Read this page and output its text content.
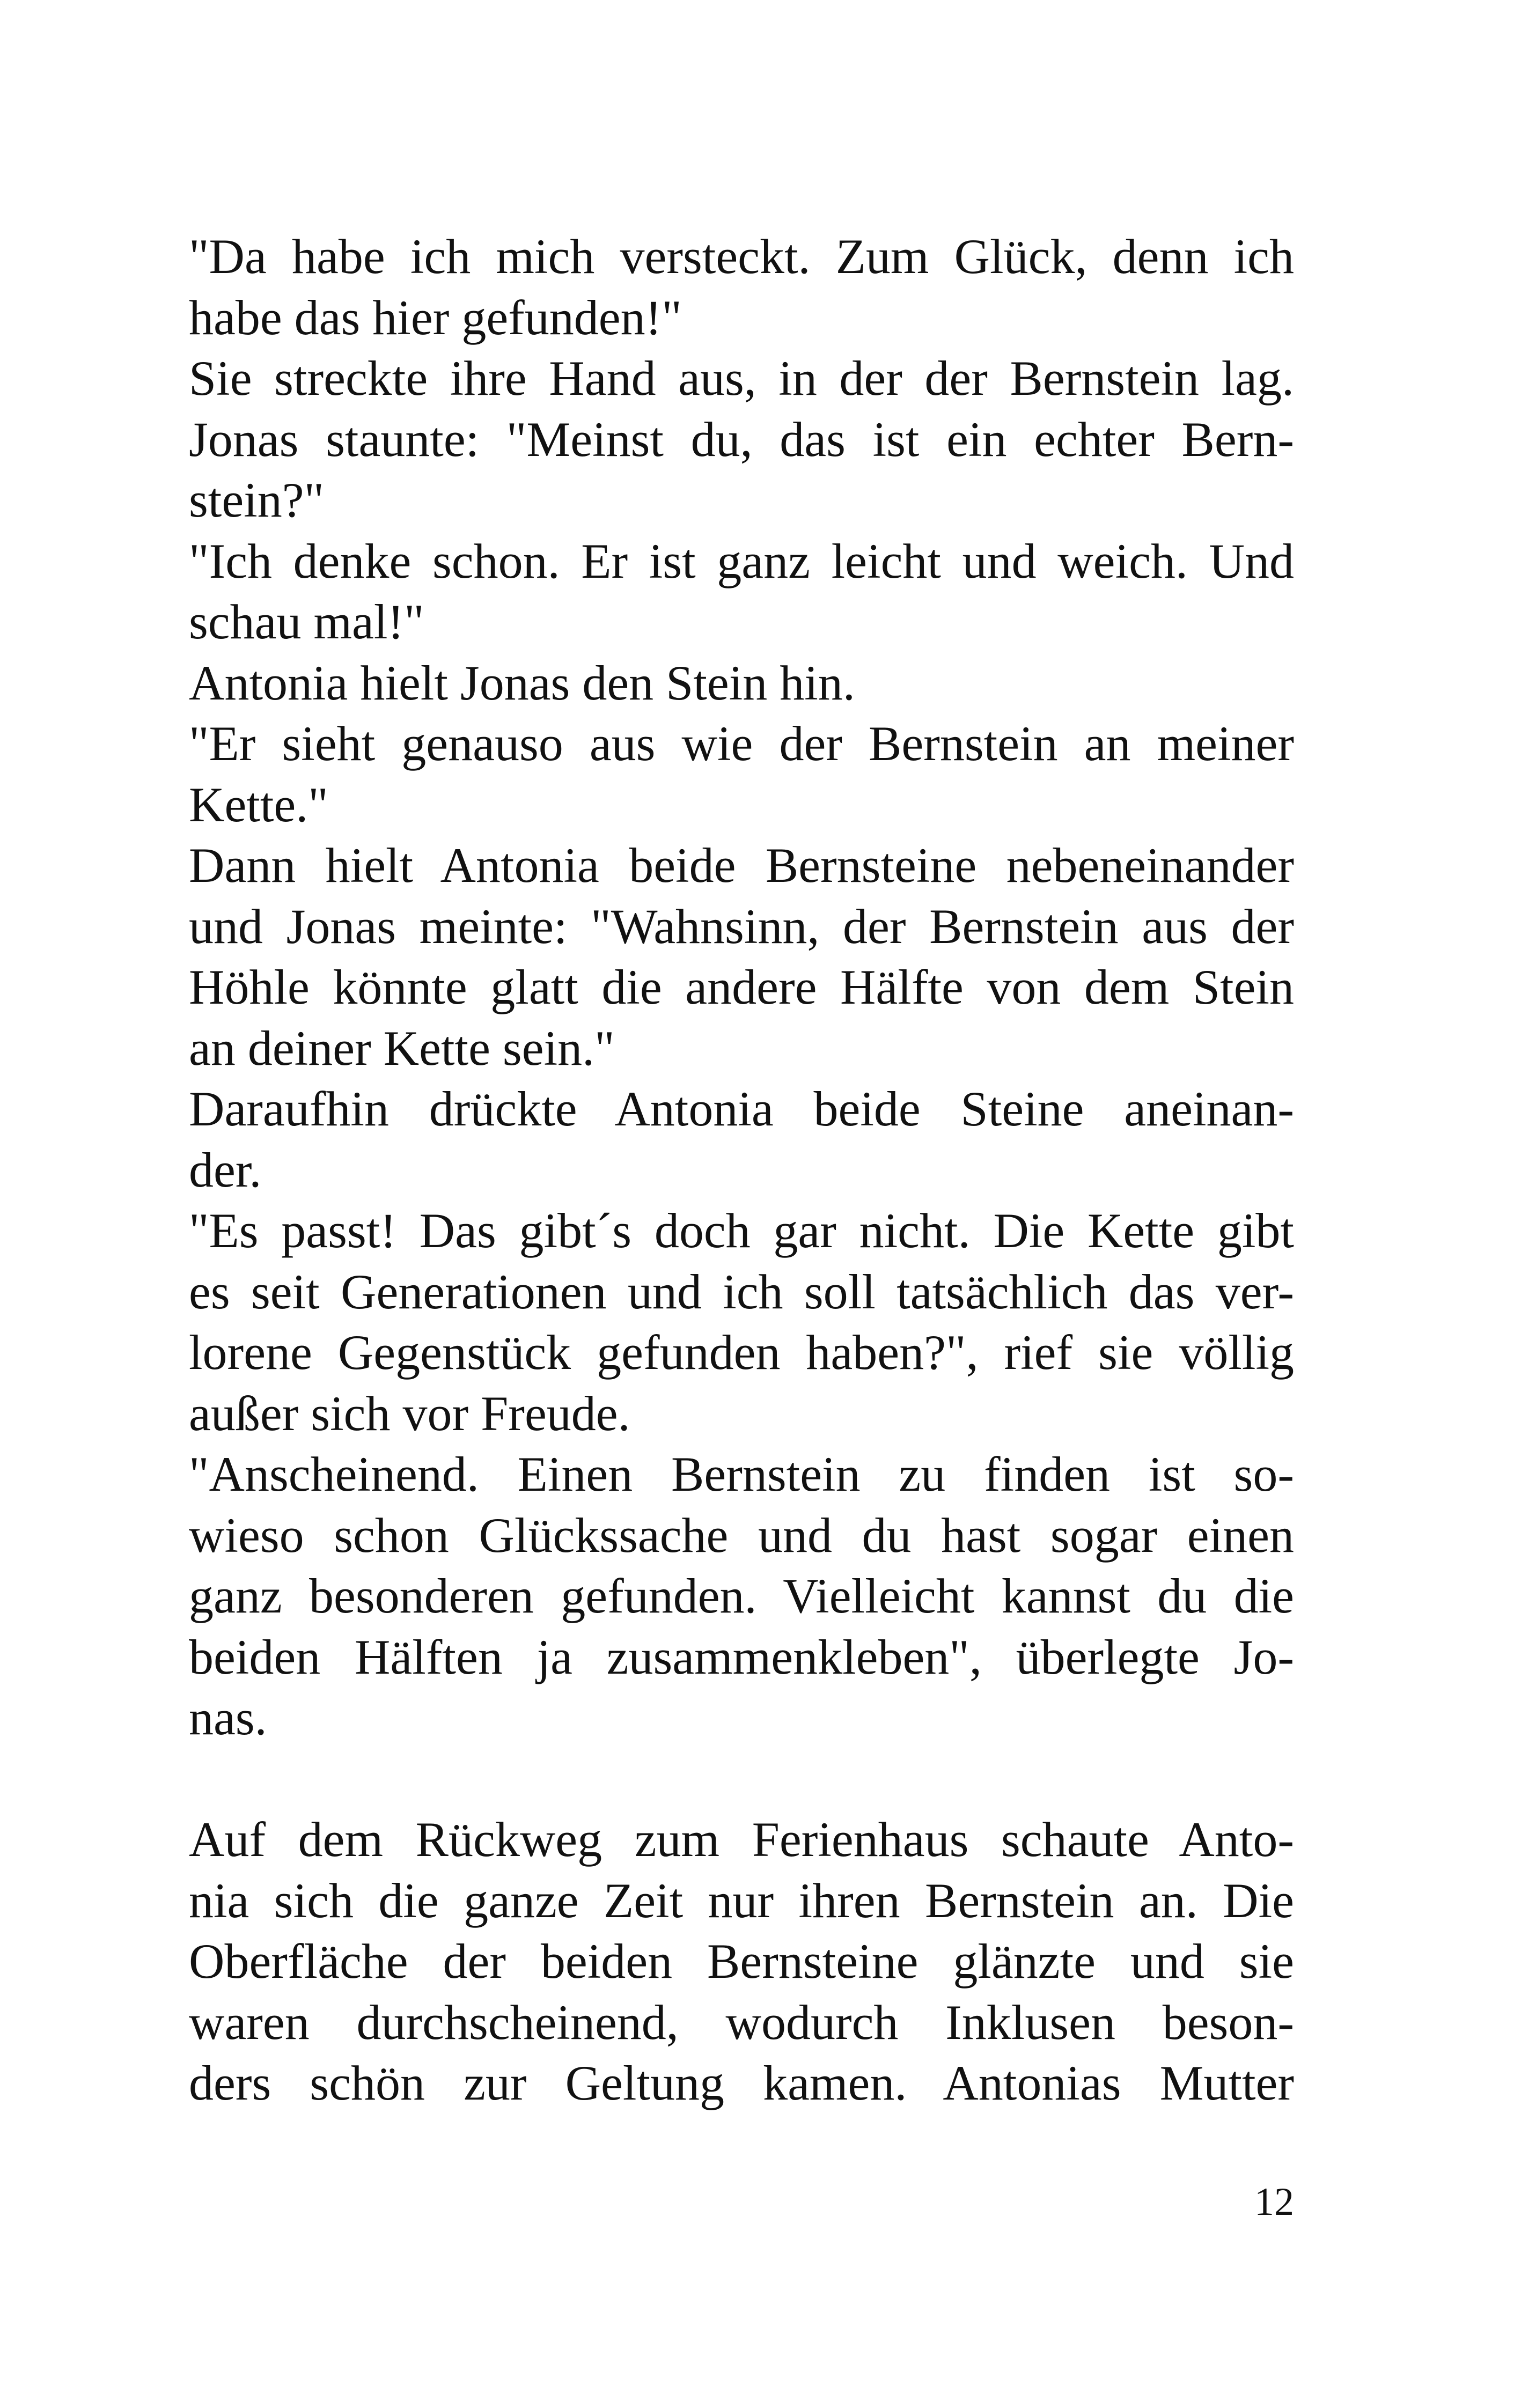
"Da habe ich mich versteckt. Zum Glück, denn ich
habe das hier gefunden!"
Sie streckte ihre Hand aus, in der der Bernstein lag.
Jonas staunte: "Meinst du, das ist ein echter Bern-
stein?"
"Ich denke schon. Er ist ganz leicht und weich. Und
schau mal!"
Antonia hielt Jonas den Stein hin.
"Er sieht genauso aus wie der Bernstein an meiner
Kette."
Dann hielt Antonia beide Bernsteine nebeneinander
und Jonas meinte: "Wahnsinn, der Bernstein aus der
Höhle könnte glatt die andere Hälfte von dem Stein
an deiner Kette sein."
Daraufhin drückte Antonia beide Steine aneinan-
der.
"Es passt! Das gibt´s doch gar nicht. Die Kette gibt
es seit Generationen und ich soll tatsächlich das ver-
lorene Gegenstück gefunden haben?", rief sie völlig
außer sich vor Freude.
"Anscheinend. Einen Bernstein zu finden ist so-
wieso schon Glückssache und du hast sogar einen
ganz besonderen gefunden. Vielleicht kannst du die
beiden Hälften ja zusammenkleben", überlegte Jo-
nas.
Auf dem Rückweg zum Ferienhaus schaute Anto-
nia sich die ganze Zeit nur ihren Bernstein an. Die
Oberfläche der beiden Bernsteine glänzte und sie
waren durchscheinend, wodurch Inklusen beson-
ders schön zur Geltung kamen. Antonias Mutter
12
